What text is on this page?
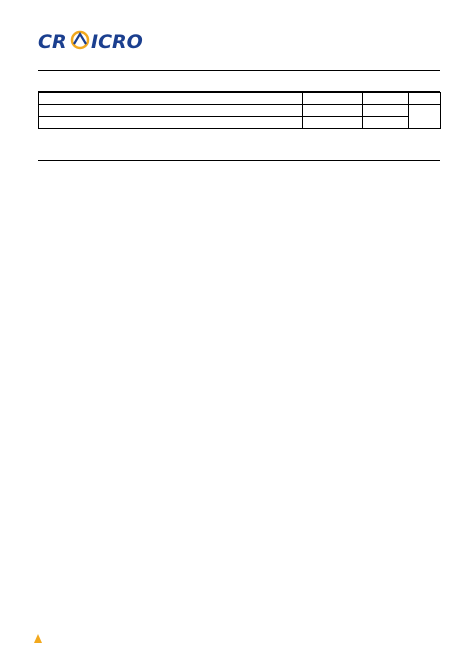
CR ICRO
